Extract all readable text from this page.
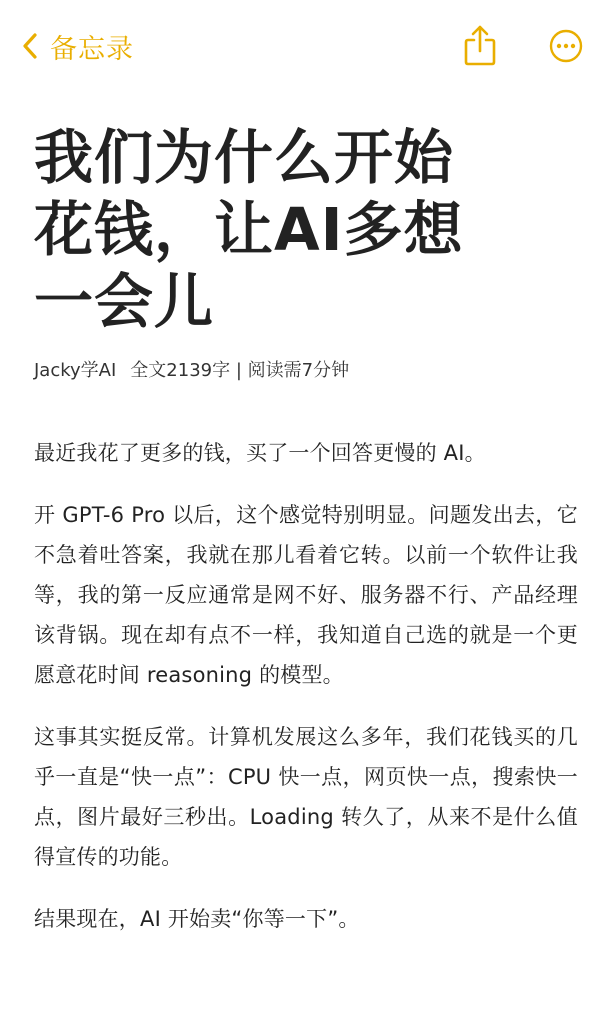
备忘录
我们为什么开始
花钱，让AI多想
一会儿
Jacky学AI 全文2139字 | 阅读需7分钟

最近我花了更多的钱，买了一个回答更慢的 AI。

开 GPT-6 Pro 以后，这个感觉特别明显。问题发出去，它不急着吐答案，我就在那儿看着它转。以前一个软件让我等，我的第一反应通常是网不好、服务器不行、产品经理该背锅。现在却有点不一样，我知道自己选的就是一个更愿意花时间 reasoning 的模型。

这事其实挺反常。计算机发展这么多年，我们花钱买的几乎一直是“快一点”：CPU 快一点，网页快一点，搜索快一点，图片最好三秒出。Loading 转久了，从来不是什么值得宣传的功能。

结果现在，AI 开始卖“你等一下”。
